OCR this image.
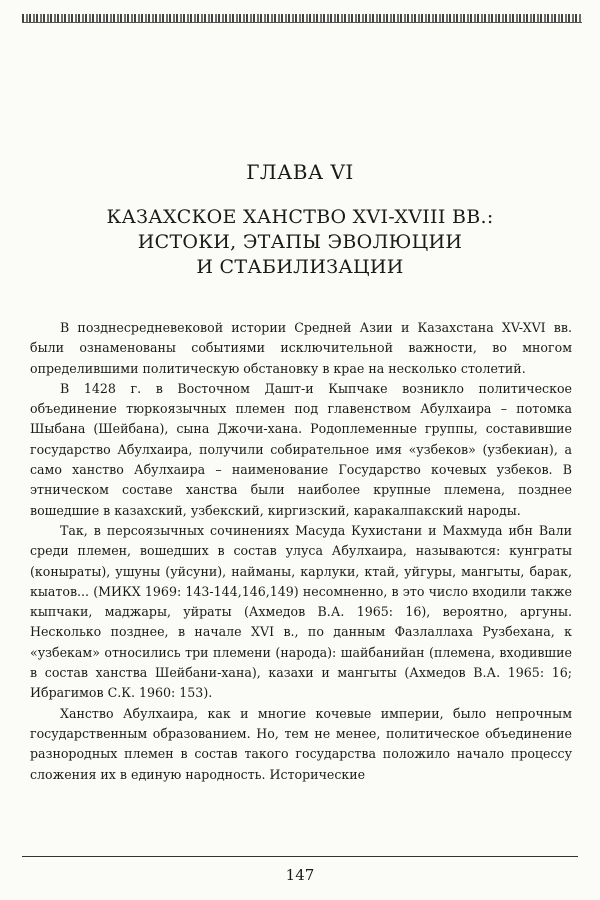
ГЛАВА VI
КАЗАХСКОЕ ХАНСТВО XVI-XVIII ВВ.:
ИСТОКИ, ЭТАПЫ ЭВОЛЮЦИИ
И СТАБИЛИЗАЦИИ

В позднесредневековой истории Средней Азии и Казахстана XV-XVI вв. были ознаменованы событиями исключительной важности, во многом определившими политическую обстановку в крае на несколько столетий.

В 1428 г. в Восточном Дашт-и Кыпчаке возникло политическое объединение тюркоязычных племен под главенством Абулхаира – потомка Шыбана (Шейбана), сына Джочи-хана. Родоплеменные группы, составившие государство Абулхаира, получили собирательное имя «узбеков» (узбекиан), а само ханство Абулхаира – наименование Государство кочевых узбеков. В этническом составе ханства были наиболее крупные племена, позднее вошедшие в казахский, узбекский, киргизский, каракалпакский народы.

Так, в персоязычных сочинениях Масуда Кухистани и Махмуда ибн Вали среди племен, вошедших в состав улуса Абулхаира, называются: кунграты (коныраты), ушуны (уйсуни), найманы, карлуки, ктай, уйгуры, мангыты, барак, кыатов... (МИКХ 1969: 143-144,146,149) несомненно, в это число входили также кыпчаки, маджары, уйраты (Ахмедов В.А. 1965: 16), вероятно, аргуны. Несколько позднее, в начале XVI в., по данным Фазлаллаха Рузбехана, к «узбекам» относились три племени (народа): шайбанийан (племена, входившие в состав ханства Шейбани-хана), казахи и мангыты (Ахмедов В.А. 1965: 16; Ибрагимов С.К. 1960: 153).

Ханство Абулхаира, как и многие кочевые империи, было непрочным государственным образованием. Но, тем не менее, политическое объединение разнородных племен в состав такого государства положило начало процессу сложения их в единую народность. Исторические

147
